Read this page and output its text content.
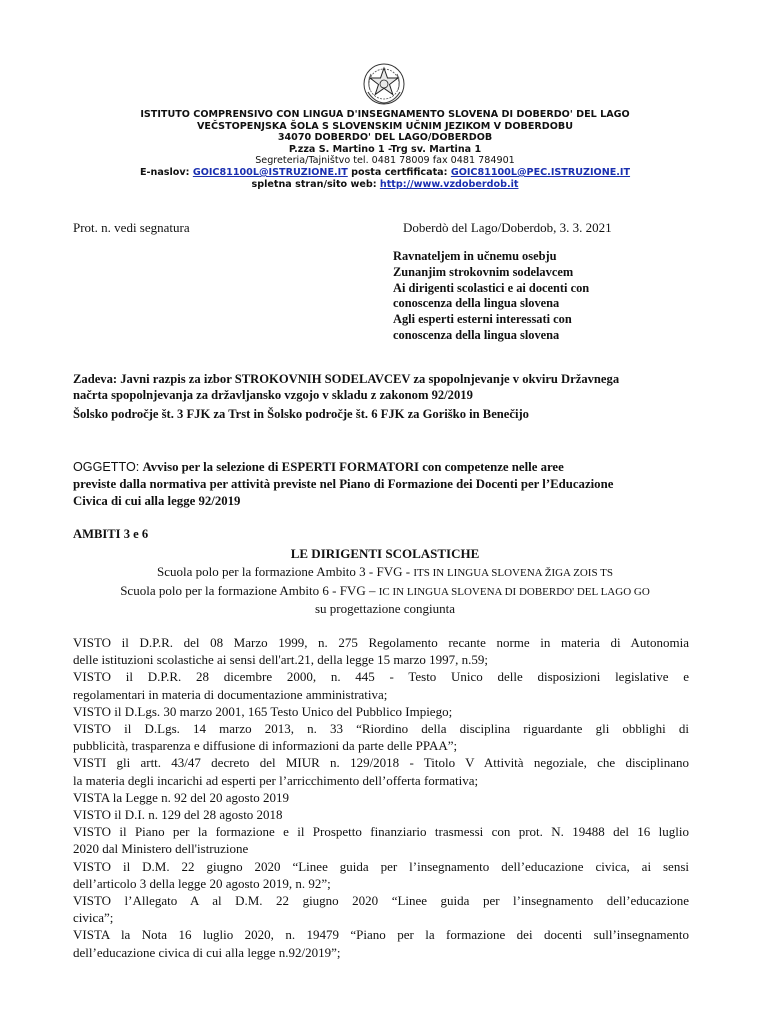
ISTITUTO COMPRENSIVO CON LINGUA D'INSEGNAMENTO SLOVENA DI DOBERDO' DEL LAGO
VEČSTOPENJSKA ŠOLA S SLOVENSKIM UČNIM JEZIKOM V DOBERDOBU
34070 DOBERDO' DEL LAGO/DOBERDOB
P.zza S. Martino 1 -Trg sv. Martina 1
Segreteria/Tajništvo tel. 0481 78009 fax 0481 784901
E-naslov: GOIC81100L@ISTRUZIONE.IT posta certfificata: GOIC81100L@PEC.ISTRUZIONE.IT
spletna stran/sito web: http://www.vzdoberdob.it
Prot. n. vedi segnatura	Doberdò del Lago/Doberdob, 3. 3. 2021
Ravnateljem in učnemu osebju
Zunanjim strokovnim sodelavcem
Ai dirigenti scolastici e ai docenti con
conoscenza della lingua slovena
Agli esperti esterni interessati con
conoscenza della lingua slovena
Zadeva: Javni razpis za izbor STROKOVNIH SODELAVCEV za spopolnjevanje v okviru Državnega
načrta spopolnjevanja za državljansko vzgojo v skladu z zakonom 92/2019
Šolsko področje št. 3 FJK za Trst in Šolsko področje št. 6 FJK za Goriško in Benečijo
OGGETTO: Avviso per la selezione di ESPERTI FORMATORI con competenze nelle aree
previste dalla normativa per attività previste nel Piano di Formazione dei Docenti per l’Educazione
Civica di cui alla legge 92/2019
AMBITI 3 e 6
LE DIRIGENTI SCOLASTICHE
Scuola polo per la formazione Ambito 3 - FVG - ITS IN LINGUA SLOVENA ŽIGA ZOIS TS
Scuola polo per la formazione Ambito 6 - FVG – IC IN LINGUA SLOVENA DI DOBERDO' DEL LAGO GO
su progettazione congiunta

VISTO il D.P.R. del 08 Marzo 1999, n. 275 Regolamento recante norme in materia di Autonomia

delle istituzioni scolastiche ai sensi dell'art.21, della legge 15 marzo 1997, n.59;

VISTO il D.P.R. 28 dicembre 2000, n. 445 - Testo Unico delle disposizioni legislative e

regolamentari in materia di documentazione amministrativa;

VISTO il D.Lgs. 30 marzo 2001, 165 Testo Unico del Pubblico Impiego;

VISTO il D.Lgs. 14 marzo 2013, n. 33 “Riordino della disciplina riguardante gli obblighi di

pubblicità, trasparenza e diffusione di informazioni da parte delle PPAA”;

VISTI gli artt. 43/47 decreto del MIUR n. 129/2018 - Titolo V Attività negoziale, che disciplinano

la materia degli incarichi ad esperti per l’arricchimento dell’offerta formativa;

VISTA la Legge n. 92 del 20 agosto 2019

VISTO il D.I. n. 129 del 28 agosto 2018

VISTO il Piano per la formazione e il Prospetto finanziario trasmessi con prot. N. 19488 del 16 luglio

2020 dal Ministero dell'istruzione

VISTO il D.M. 22 giugno 2020 “Linee guida per l’insegnamento dell’educazione civica, ai sensi

dell’articolo 3 della legge 20 agosto 2019, n. 92”;

VISTO l’Allegato A al D.M. 22 giugno 2020 “Linee guida per l’insegnamento dell’educazione

civica”;

VISTA la Nota 16 luglio 2020, n. 19479 “Piano per la formazione dei docenti sull’insegnamento

dell’educazione civica di cui alla legge n.92/2019”;
